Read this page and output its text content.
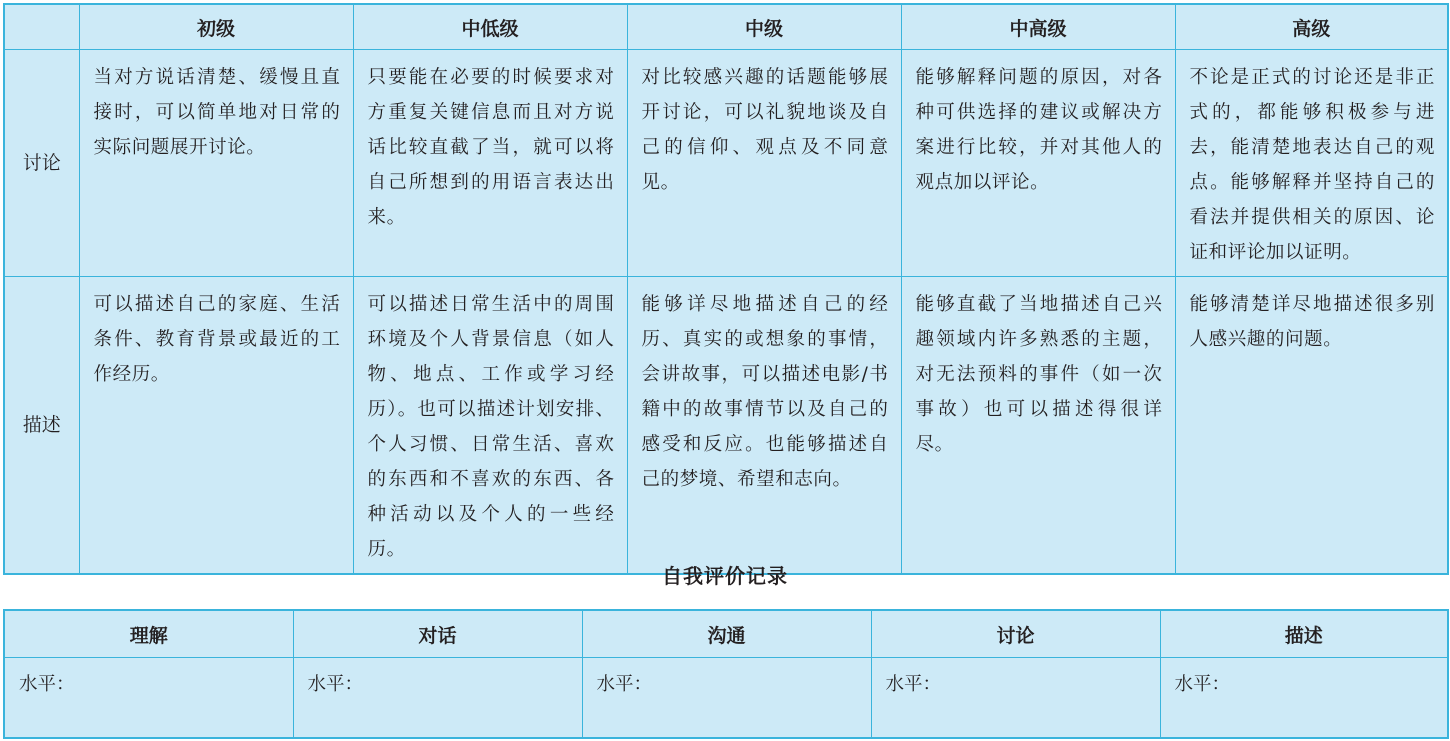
	初级	中低级	中级	中高级	高级
讨论	当对方说话清楚、缓慢且直接时，可以简单地对日常的实际问题展开讨论。	只要能在必要的时候要求对方重复关键信息而且对方说话比较直截了当，就可以将自己所想到的用语言表达出来。	对比较感兴趣的话题能够展开讨论，可以礼貌地谈及自己的信仰、观点及不同意见。	能够解释问题的原因，对各种可供选择的建议或解决方案进行比较，并对其他人的观点加以评论。	不论是正式的讨论还是非正式的，都能够积极参与进去，能清楚地表达自己的观点。能够解释并坚持自己的看法并提供相关的原因、论证和评论加以证明。
描述	可以描述自己的家庭、生活条件、教育背景或最近的工作经历。	可以描述日常生活中的周围环境及个人背景信息（如人物、地点、工作或学习经历）。也可以描述计划安排、个人习惯、日常生活、喜欢的东西和不喜欢的东西、各种活动以及个人的一些经历。	能够详尽地描述自己的经历、真实的或想象的事情，会讲故事，可以描述电影/书籍中的故事情节以及自己的感受和反应。也能够描述自己的梦境、希望和志向。	能够直截了当地描述自己兴趣领域内许多熟悉的主题，对无法预料的事件（如一次事故）也可以描述得很详尽。	能够清楚详尽地描述很多别人感兴趣的问题。
自我评价记录
理解	对话	沟通	讨论	描述
水平：	水平：	水平：	水平：	水平：
